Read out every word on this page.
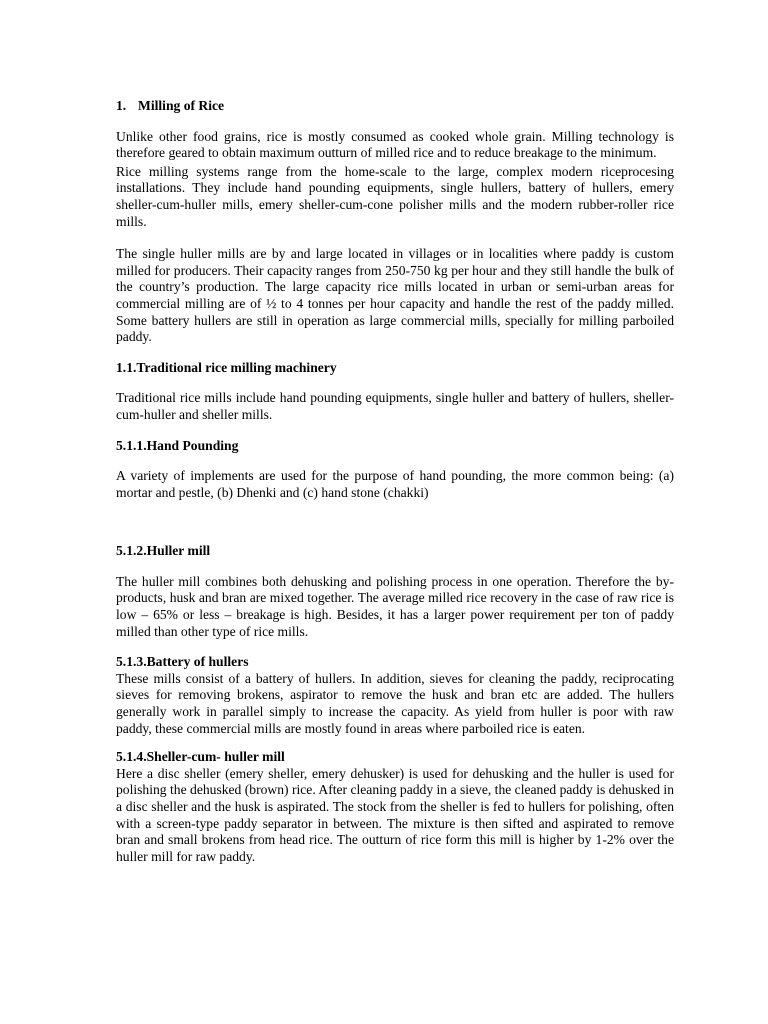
1. Milling of Rice

Unlike other food grains, rice is mostly consumed as cooked whole grain. Milling technology is therefore geared to obtain maximum outturn of milled rice and to reduce breakage to the minimum.

Rice milling systems range from the home-scale to the large, complex modern riceprocesing installations. They include hand pounding equipments, single hullers, battery of hullers, emery sheller-cum-huller mills, emery sheller-cum-cone polisher mills and the modern rubber-roller rice mills.

The single huller mills are by and large located in villages or in localities where paddy is custom milled for producers. Their capacity ranges from 250-750 kg per hour and they still handle the bulk of the country’s production. The large capacity rice mills located in urban or semi-urban areas for commercial milling are of ½ to 4 tonnes per hour capacity and handle the rest of the paddy milled. Some battery hullers are still in operation as large commercial mills, specially for milling parboiled paddy.

1.1.Traditional rice milling machinery

Traditional rice mills include hand pounding equipments, single huller and battery of hullers, sheller-cum-huller and sheller mills.

5.1.1.Hand Pounding

A variety of implements are used for the purpose of hand pounding, the more common being: (a) mortar and pestle, (b) Dhenki and (c) hand stone (chakki)

5.1.2.Huller mill

The huller mill combines both dehusking and polishing process in one operation. Therefore the by-products, husk and bran are mixed together. The average milled rice recovery in the case of raw rice is low – 65% or less – breakage is high. Besides, it has a larger power requirement per ton of paddy milled than other type of rice mills.

5.1.3.Battery of hullers

These mills consist of a battery of hullers. In addition, sieves for cleaning the paddy, reciprocating sieves for removing brokens, aspirator to remove the husk and bran etc are added. The hullers generally work in parallel simply to increase the capacity. As yield from huller is poor with raw paddy, these commercial mills are mostly found in areas where parboiled rice is eaten.

5.1.4.Sheller-cum- huller mill

Here a disc sheller (emery sheller, emery dehusker) is used for dehusking and the huller is used for polishing the dehusked (brown) rice. After cleaning paddy in a sieve, the cleaned paddy is dehusked in a disc sheller and the husk is aspirated. The stock from the sheller is fed to hullers for polishing, often with a screen-type paddy separator in between. The mixture is then sifted and aspirated to remove bran and small brokens from head rice. The outturn of rice form this mill is higher by 1-2% over the huller mill for raw paddy.
